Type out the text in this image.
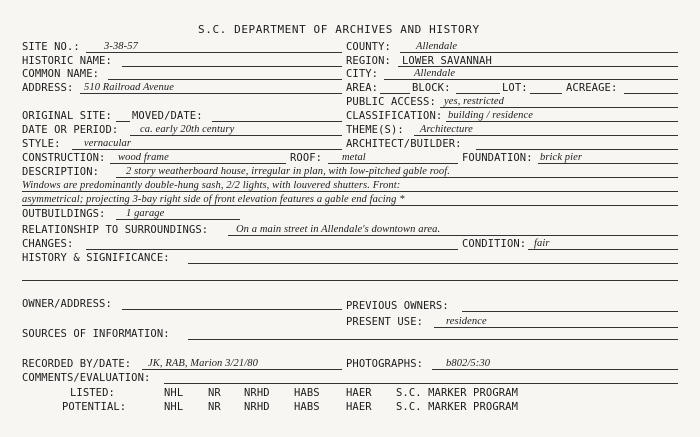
S.C. DEPARTMENT OF ARCHIVES AND HISTORY
SITE NO.: 3-38-57	COUNTY: Allendale
HISTORIC NAME:	REGION: LOWER SAVANNAH
COMMON NAME:	CITY:	Allendale
ADDRESS: 510 Railroad Avenue	AREA:	BLOCK:	LOT:	ACREAGE:
PUBLIC ACCESS: yes, restricted
ORIGINAL SITE: MOVED/DATE:	CLASSIFICATION: building / residence
DATE OR PERIOD: ca. early 20th century	THEME(S): Architecture
STYLE: vernacular	ARCHITECT/BUILDER:
CONSTRUCTION: wood frame	ROOF: metal	FOUNDATION: brick pier
DESCRIPTION:	2 story weatherboard house, irregular in plan, with low-pitched gable roof.
Windows are predominantly double-hung sash, 2/2 lights, with louvered shutters. Front:
asymmetrical; projecting 3-bay right side of front elevation features a gable end facing *
OUTBUILDINGS: 1 garage
RELATIONSHIP TO SURROUNDINGS:	On a main street in Allendale's downtown area.
CHANGES:	CONDITION: fair
HISTORY & SIGNIFICANCE:
OWNER/ADDRESS:	PREVIOUS OWNERS:
PRESENT USE: residence
SOURCES OF INFORMATION:
RECORDED BY/DATE: JK, RAB, Marion 3/21/80	PHOTOGRAPHS: b802/5:30
COMMENTS/EVALUATION:
LISTED:	NHL NR NRHD HABS	HAER S.C. MARKER PROGRAM
POTENTIAL:	NHL NR NRHD HABS	HAER S.C. MARKER PROGRAM
